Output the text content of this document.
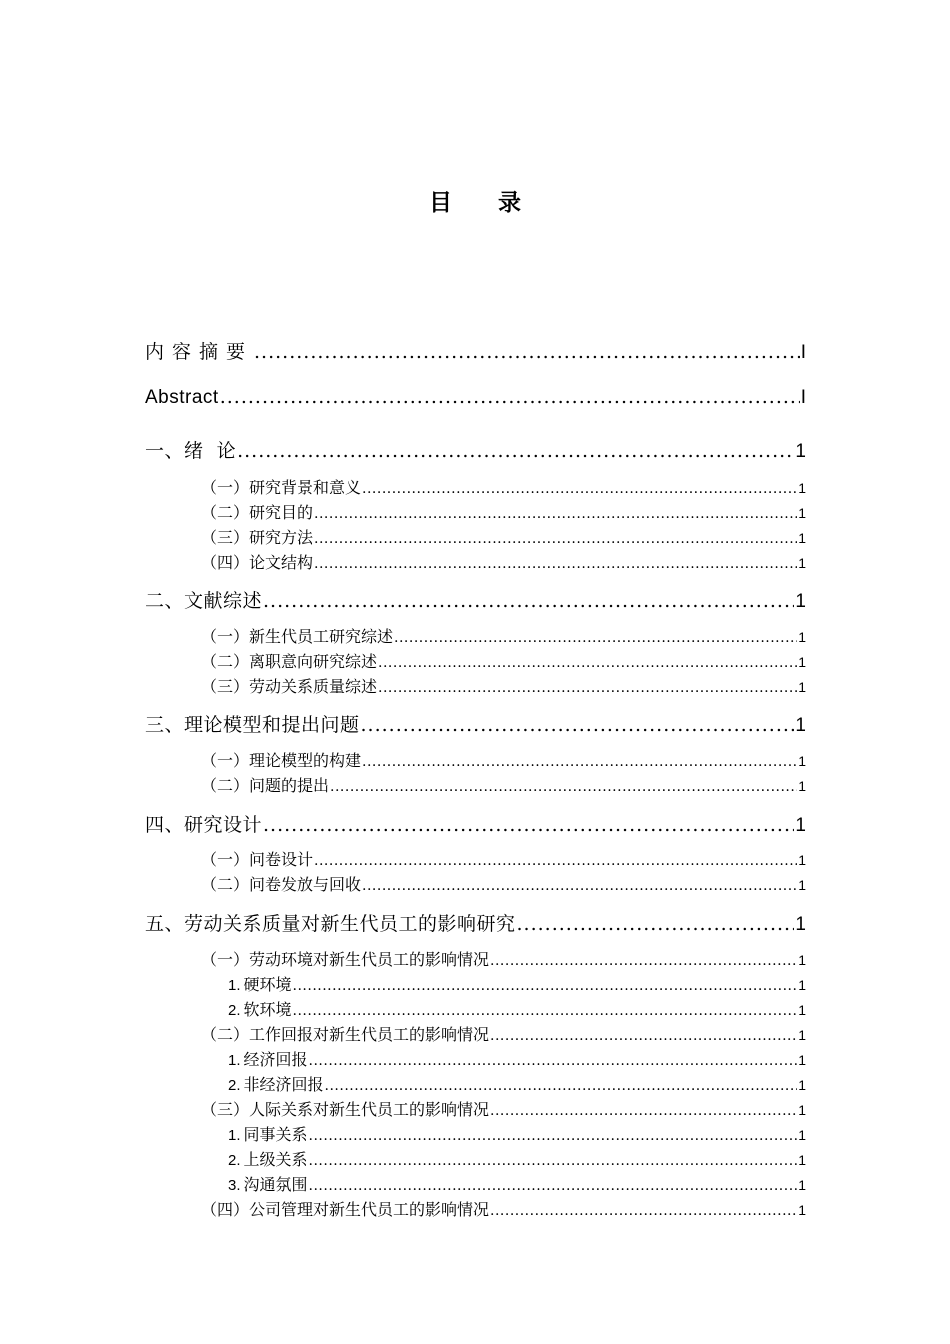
目 录
内容摘要 .....	I
Abstract .....	I
一、绪  论 .....	1
（一）研究背景和意义 .....	1
（二）研究目的 .....	1
（三）研究方法 .....	1
（四）论文结构 .....	1
二、文献综述 .....	1
（一）新生代员工研究综述 .....	1
（二）离职意向研究综述 .....	1
（三）劳动关系质量综述 .....	1
三、理论模型和提出问题 .....	1
（一）理论模型的构建 .....	1
（二）问题的提出 .....	1
四、研究设计 .....	1
（一）问卷设计 .....	1
（二）问卷发放与回收 .....	1
五、劳动关系质量对新生代员工的影响研究 .....	1
（一）劳动环境对新生代员工的影响情况 .....	1
1. 硬环境 .....	1
2. 软环境 .....	1
（二）工作回报对新生代员工的影响情况 .....	1
1. 经济回报 .....	1
2. 非经济回报 .....	1
（三）人际关系对新生代员工的影响情况 .....	1
1. 同事关系 .....	1
2. 上级关系 .....	1
3. 沟通氛围 .....	1
（四）公司管理对新生代员工的影响情况 .....	1
